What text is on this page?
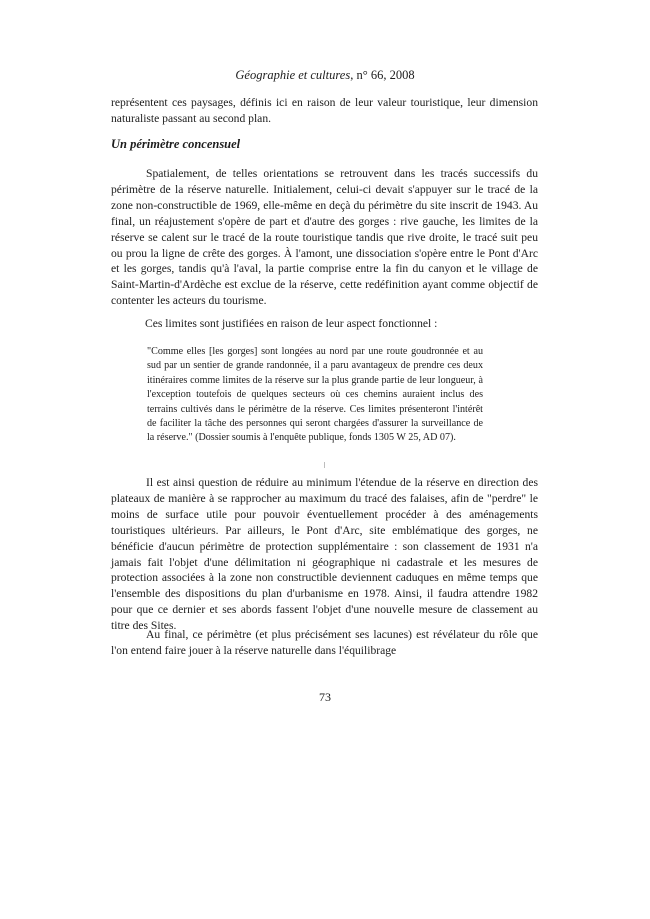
Géographie et cultures, n° 66, 2008
représentent ces paysages, définis ici en raison de leur valeur touristique, leur dimension naturaliste passant au second plan.
Un périmètre concensuel
Spatialement, de telles orientations se retrouvent dans les tracés successifs du périmètre de la réserve naturelle. Initialement, celui-ci devait s'appuyer sur le tracé de la zone non-constructible de 1969, elle-même en deçà du périmètre du site inscrit de 1943. Au final, un réajustement s'opère de part et d'autre des gorges : rive gauche, les limites de la réserve se calent sur le tracé de la route touristique tandis que rive droite, le tracé suit peu ou prou la ligne de crête des gorges. À l'amont, une dissociation s'opère entre le Pont d'Arc et les gorges, tandis qu'à l'aval, la partie comprise entre la fin du canyon et le village de Saint-Martin-d'Ardèche est exclue de la réserve, cette redéfinition ayant comme objectif de contenter les acteurs du tourisme.
Ces limites sont justifiées en raison de leur aspect fonctionnel :
"Comme elles [les gorges] sont longées au nord par une route goudronnée et au sud par un sentier de grande randonnée, il a paru avantageux de prendre ces deux itinéraires comme limites de la réserve sur la plus grande partie de leur longueur, à l'exception toutefois de quelques secteurs où ces chemins auraient inclus des terrains cultivés dans le périmètre de la réserve. Ces limites présenteront l'intérêt de faciliter la tâche des personnes qui seront chargées d'assurer la surveillance de la réserve." (Dossier soumis à l'enquête publique, fonds 1305 W 25, AD 07).
Il est ainsi question de réduire au minimum l'étendue de la réserve en direction des plateaux de manière à se rapprocher au maximum du tracé des falaises, afin de "perdre" le moins de surface utile pour pouvoir éventuellement procéder à des aménagements touristiques ultérieurs. Par ailleurs, le Pont d'Arc, site emblématique des gorges, ne bénéficie d'aucun périmètre de protection supplémentaire : son classement de 1931 n'a jamais fait l'objet d'une délimitation ni géographique ni cadastrale et les mesures de protection associées à la zone non constructible deviennent caduques en même temps que l'ensemble des dispositions du plan d'urbanisme en 1978. Ainsi, il faudra attendre 1982 pour que ce dernier et ses abords fassent l'objet d'une nouvelle mesure de classement au titre des Sites.
Au final, ce périmètre (et plus précisément ses lacunes) est révélateur du rôle que l'on entend faire jouer à la réserve naturelle dans l'équilibrage
73
